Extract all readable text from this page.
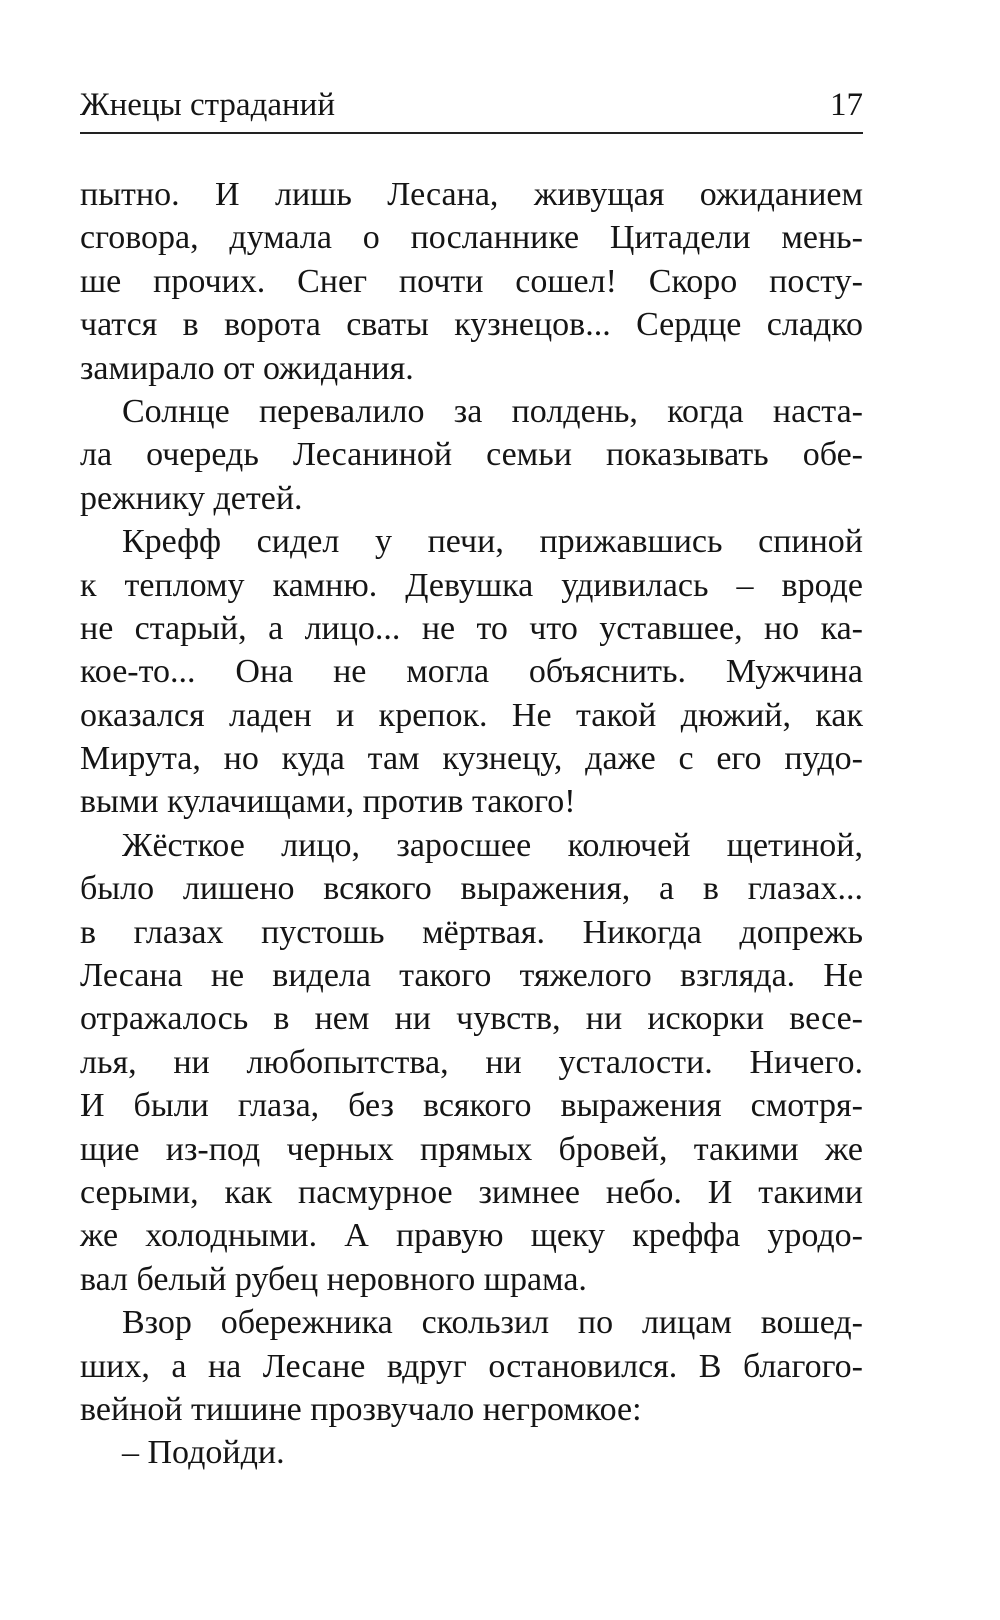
Жнецы страданий	17
пытно. И лишь Лесана, живущая ожиданием
сговора, думала о посланнике Цитадели мень-
ше прочих. Снег почти сошел! Скоро посту-
чатся в ворота сваты кузнецов... Сердце сладко
замирало от ожидания.
Солнце перевалило за полдень, когда наста-
ла очередь Лесаниной семьи показывать обе-
режнику детей.
Крефф сидел у печи, прижавшись спиной
к теплому камню. Девушка удивилась – вроде
не старый, а лицо... не то что уставшее, но ка-
кое-то... Она не могла объяснить. Мужчина
оказался ладен и крепок. Не такой дюжий, как
Мирута, но куда там кузнецу, даже с его пудо-
выми кулачищами, против такого!
Жёсткое лицо, заросшее колючей щетиной,
было лишено всякого выражения, а в глазах...
в глазах пустошь мёртвая. Никогда допрежь
Лесана не видела такого тяжелого взгляда. Не
отражалось в нем ни чувств, ни искорки весе-
лья, ни любопытства, ни усталости. Ничего.
И были глаза, без всякого выражения смотря-
щие из-под черных прямых бровей, такими же
серыми, как пасмурное зимнее небо. И такими
же холодными. А правую щеку креффа уродо-
вал белый рубец неровного шрама.
Взор обережника скользил по лицам вошед-
ших, а на Лесане вдруг остановился. В благого-
вейной тишине прозвучало негромкое:
– Подойди.
